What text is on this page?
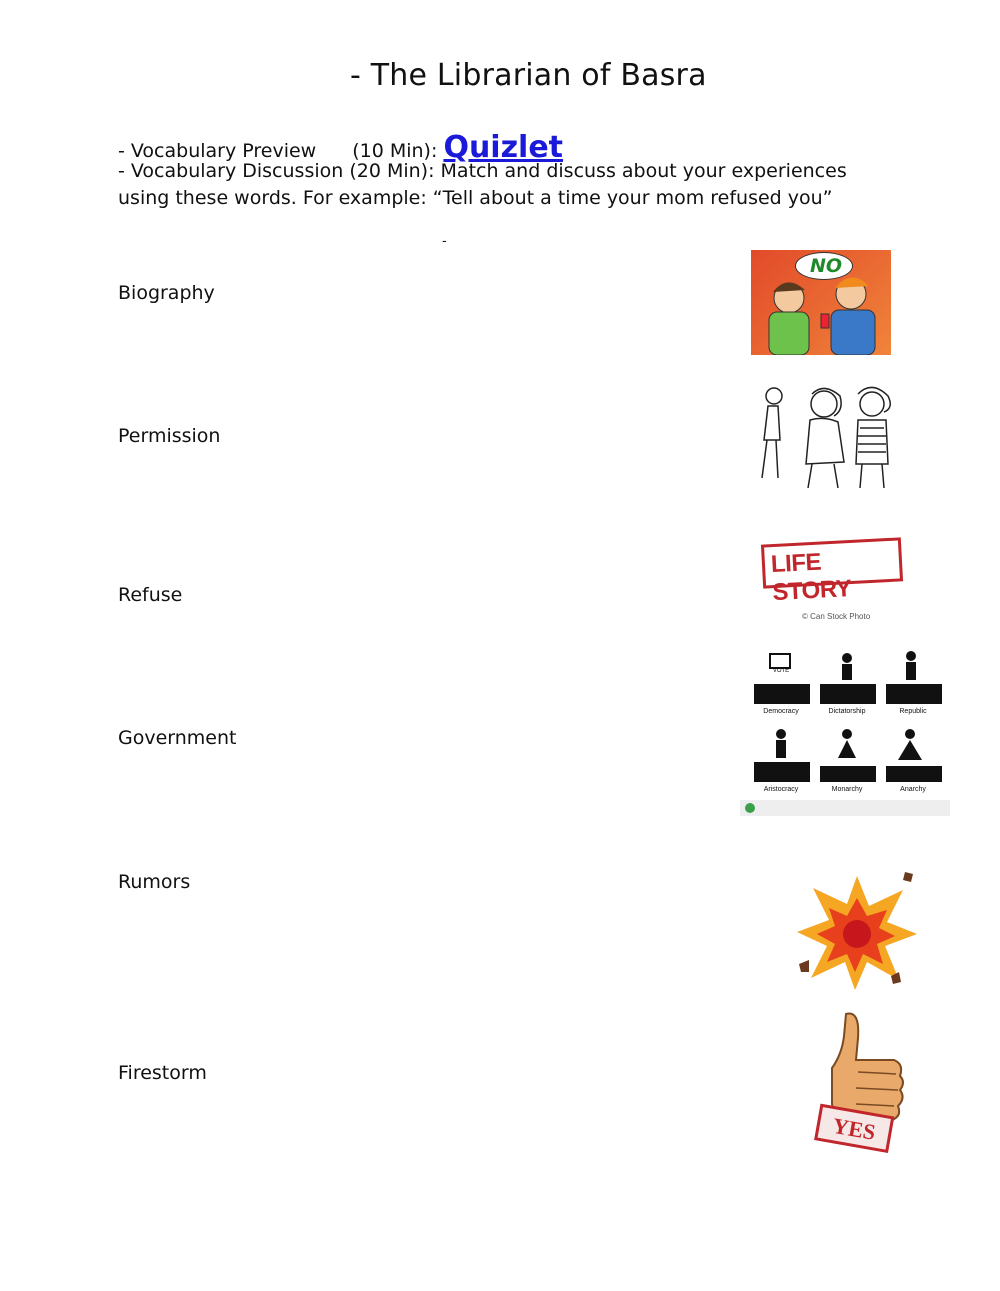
- The Librarian of Basra
- Vocabulary Preview (10 Min): Quizlet
- Vocabulary Discussion (20 Min): Match and discuss about your experiences
using these words. For example: “Tell about a time your mom refused you”
-
Biography
Permission
Refuse
Government
Rumors
Firestorm
NO
LIFE STORY
© Can Stock Photo
VOTE
Democracy	Dictatorship	Republic
Aristocracy	Monarchy	Anarchy
YES
